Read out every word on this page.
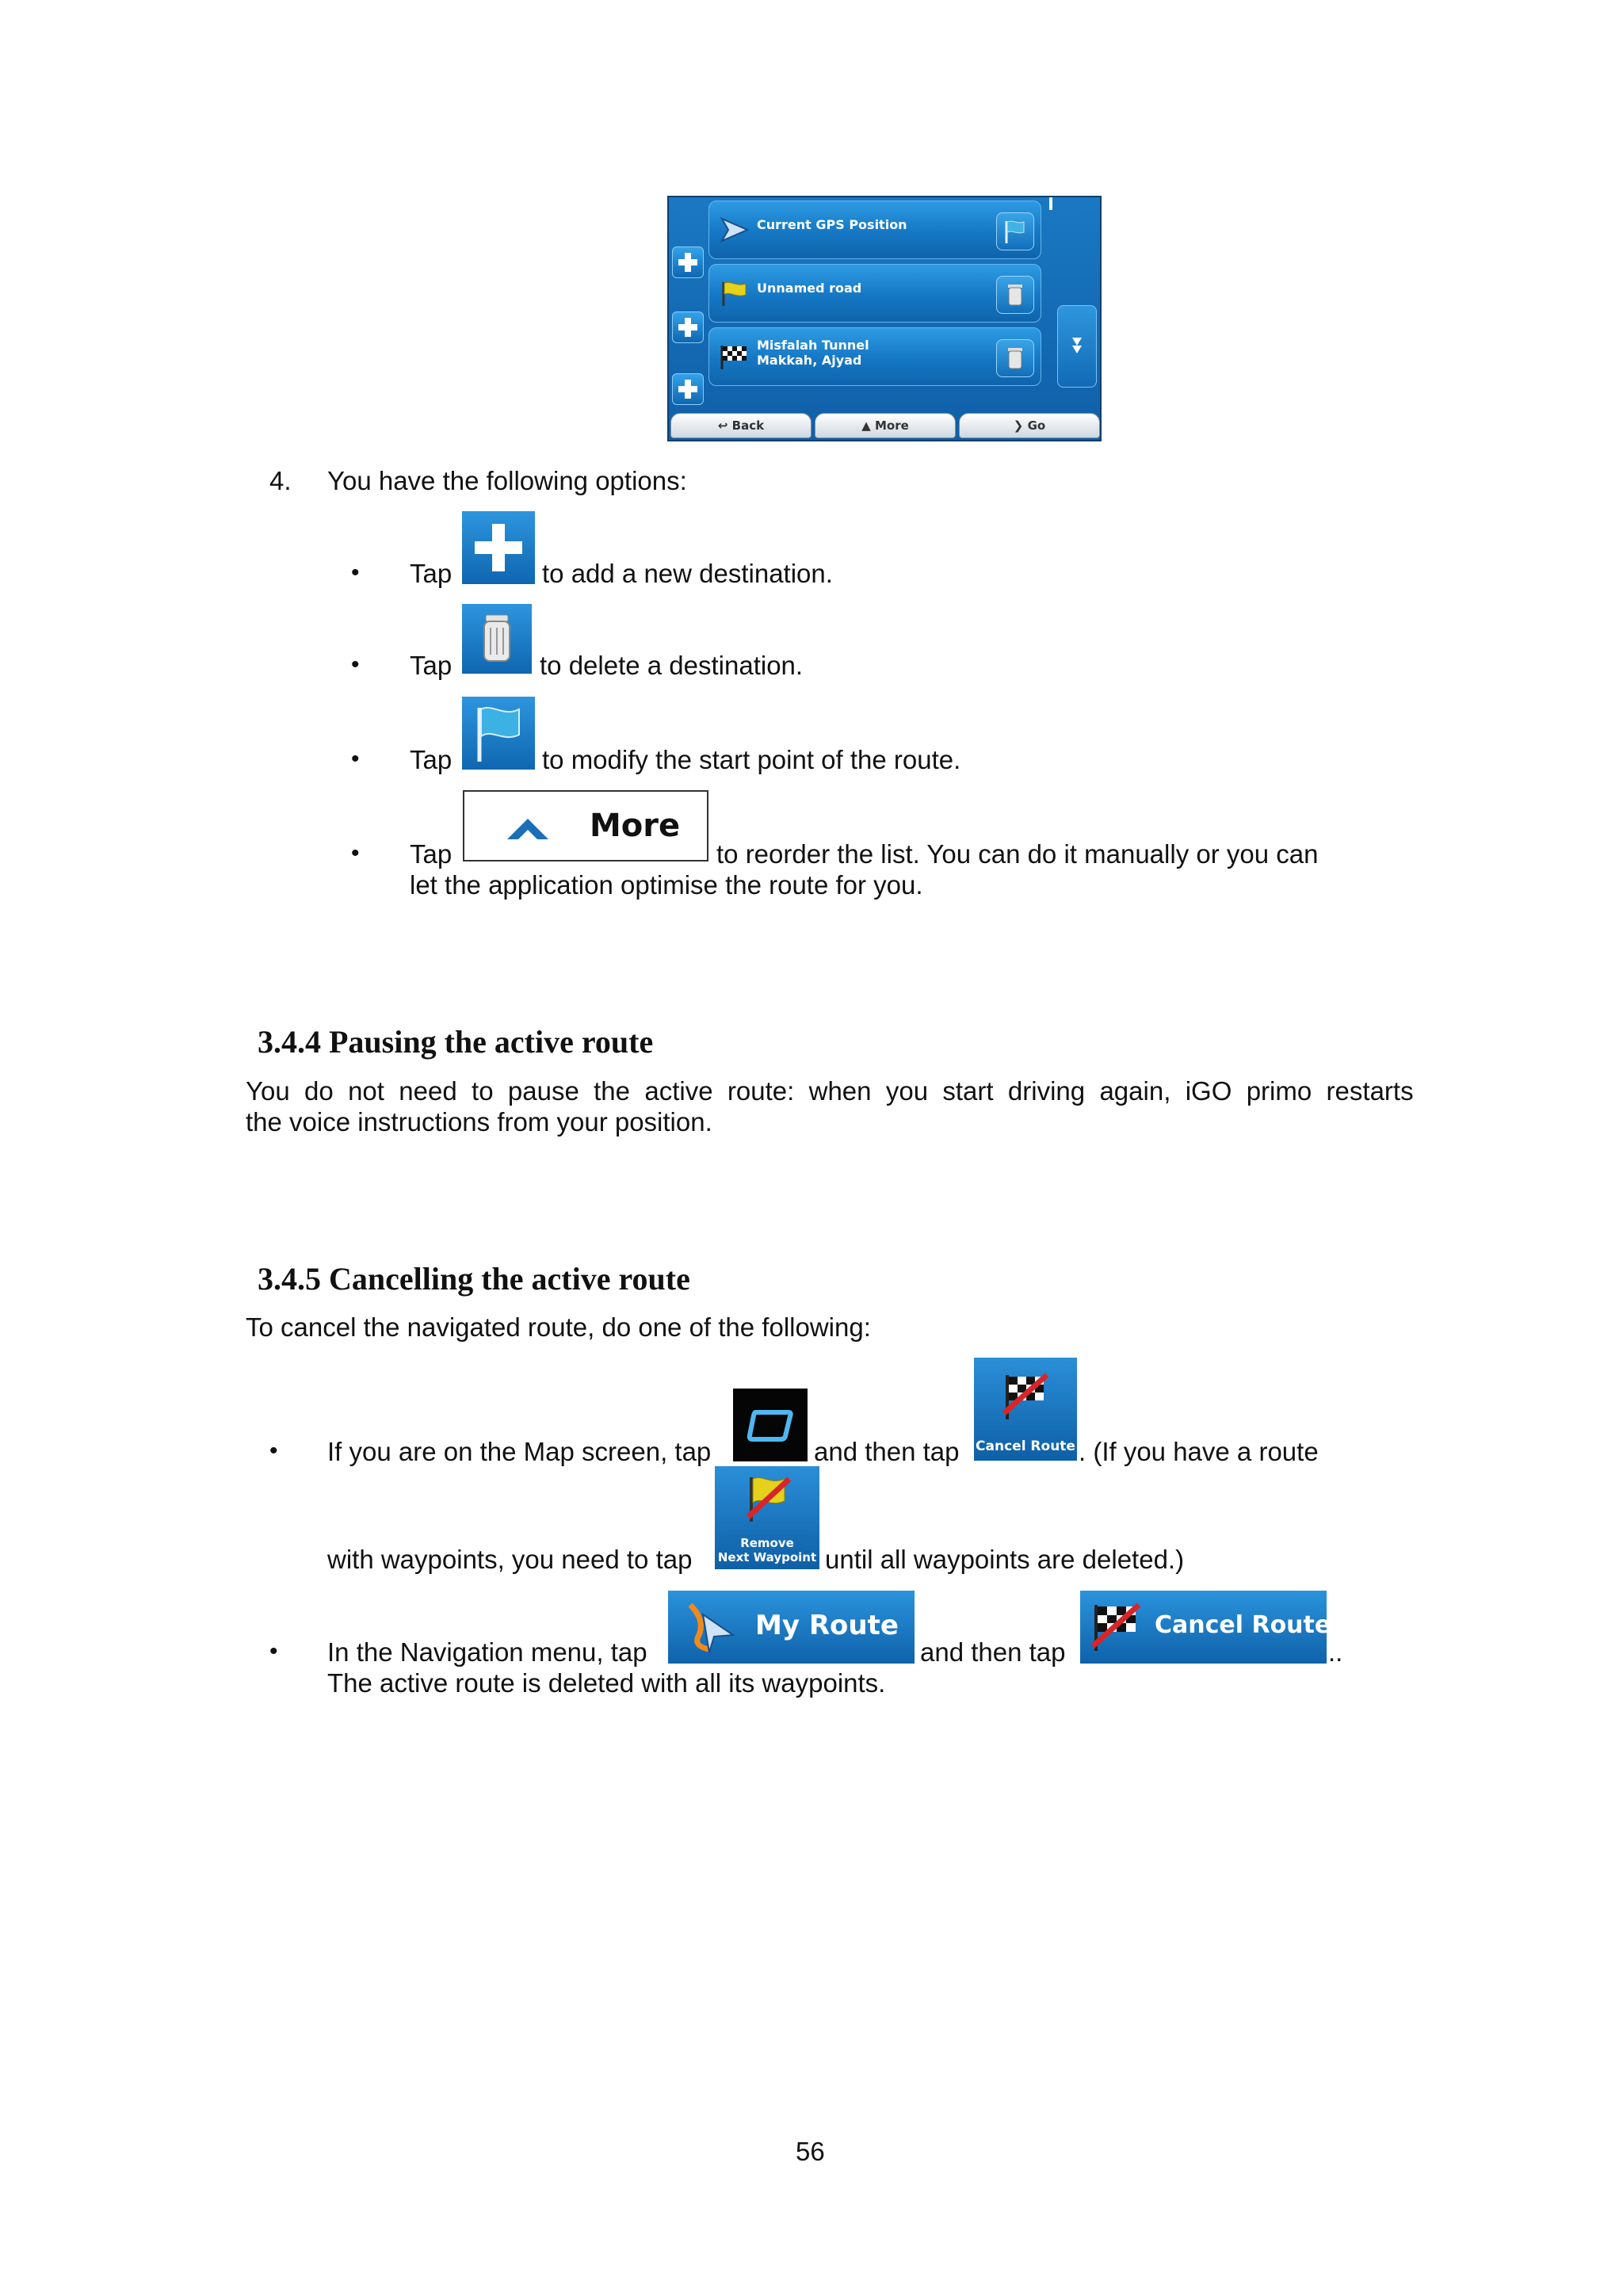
Current GPS Position
Unnamed road
Misfalah Tunnel
Makkah, Ajyad
↩ Back	▲ More	❯ Go
4. You have the following options:
• Tap	to add a new destination.
• Tap	to delete a destination.
• Tap	to modify the start point of the route.
• Tap
More
to reorder the list. You can do it manually or you can
let the application optimise the route for you.
3.4.4 Pausing the active route
You  do  not  need  to  pause  the  active  route:  when  you  start  driving  again,  iGO  primo  restarts
the voice instructions from your position.
3.4.5 Cancelling the active route
To cancel the navigated route, do one of the following:
• If you are on the Map screen, tap	and then tap Cancel Route . (If you have a route
with waypoints, you need to tap
Remove
Next Waypoint until all waypoints are deleted.)
• In the Navigation menu, tap
My Route
and then tap
Cancel Route
..
The active route is deleted with all its waypoints.
56
